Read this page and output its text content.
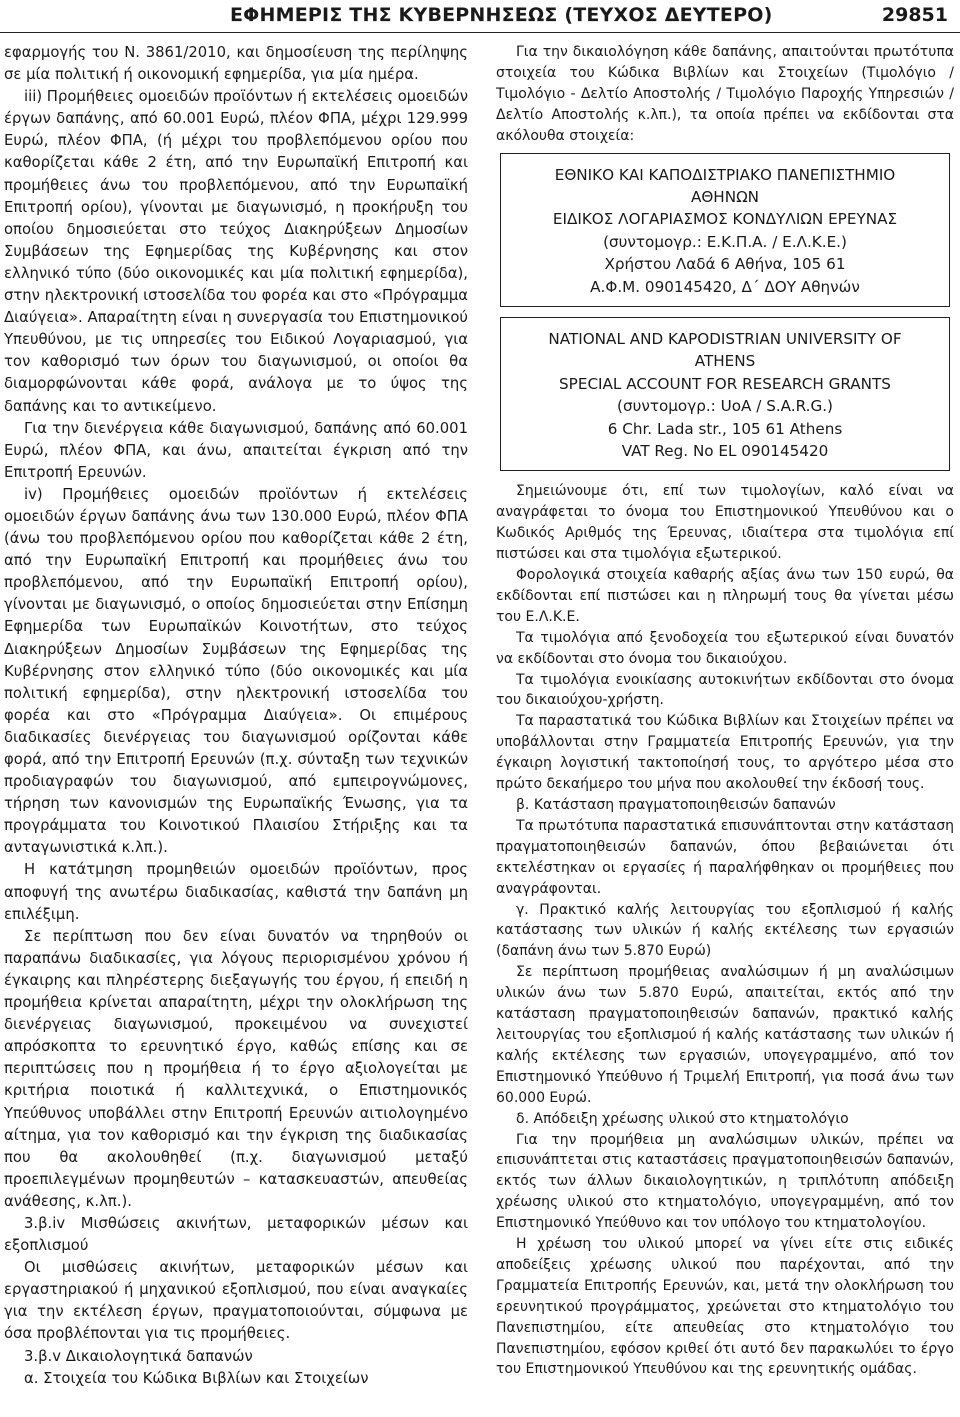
ΕΦΗΜΕΡΙΣ ΤΗΣ ΚΥΒΕΡΝΗΣΕΩΣ (ΤΕΥΧΟΣ ΔΕΥΤΕΡΟ)	29851

εφαρμογής του Ν. 3861/2010, και δημοσίευση της περίληψης σε μία πολιτική ή οικονομική εφημερίδα, για μία ημέρα.

iii) Προμήθειες ομοειδών προϊόντων ή εκτελέσεις ομοειδών έργων δαπάνης, από 60.001 Ευρώ, πλέον ΦΠΑ, μέχρι 129.999 Ευρώ, πλέον ΦΠΑ, (ή μέχρι του προβλεπόμενου ορίου που καθορίζεται κάθε 2 έτη, από την Ευρωπαϊκή Επιτροπή και προμήθειες άνω του προβλεπόμενου, από την Ευρωπαϊκή Επιτροπή ορίου), γίνονται με διαγωνισμό, η προκήρυξη του οποίου δημοσιεύεται στο τεύχος Διακηρύξεων Δημοσίων Συμβάσεων της Εφημερίδας της Κυβέρνησης και στον ελληνικό τύπο (δύο οικονομικές και μία πολιτική εφημερίδα), στην ηλεκτρονική ιστοσελίδα του φορέα και στο «Πρόγραμμα Διαύγεια». Απαραίτητη είναι η συνεργασία του Επιστημονικού Υπευθύνου, με τις υπηρεσίες του Ειδικού Λογαριασμού, για τον καθορισμό των όρων του διαγωνισμού, οι οποίοι θα διαμορφώνονται κάθε φορά, ανάλογα με το ύψος της δαπάνης και το αντικείμενο.

Για την διενέργεια κάθε διαγωνισμού, δαπάνης από 60.001 Ευρώ, πλέον ΦΠΑ, και άνω, απαιτείται έγκριση από την Επιτροπή Ερευνών.

iv) Προμήθειες ομοειδών προϊόντων ή εκτελέσεις ομοειδών έργων δαπάνης άνω των 130.000 Ευρώ, πλέον ΦΠΑ (άνω του προβλεπόμενου ορίου που καθορίζεται κάθε 2 έτη, από την Ευρωπαϊκή Επιτροπή και προμήθειες άνω του προβλεπόμενου, από την Ευρωπαϊκή Επιτροπή ορίου), γίνονται με διαγωνισμό, ο οποίος δημοσιεύεται στην Επίσημη Εφημερίδα των Ευρωπαϊκών Κοινοτήτων, στο τεύχος Διακηρύξεων Δημοσίων Συμβάσεων της Εφημερίδας της Κυβέρνησης στον ελληνικό τύπο (δύο οικονομικές και μία πολιτική εφημερίδα), στην ηλεκτρονική ιστοσελίδα του φορέα και στο «Πρόγραμμα Διαύγεια». Οι επιμέρους διαδικασίες διενέργειας του διαγωνισμού ορίζονται κάθε φορά, από την Επιτροπή Ερευνών (π.χ. σύνταξη των τεχνικών προδιαγραφών του διαγωνισμού, από εμπειρογνώμονες, τήρηση των κανονισμών της Ευρωπαϊκής Ένωσης, για τα προγράμματα του Κοινοτικού Πλαισίου Στήριξης και τα ανταγωνιστικά κ.λπ.).

Η κατάτμηση προμηθειών ομοειδών προϊόντων, προς αποφυγή της ανωτέρω διαδικασίας, καθιστά την δαπάνη μη επιλέξιμη.

Σε περίπτωση που δεν είναι δυνατόν να τηρηθούν οι παραπάνω διαδικασίες, για λόγους περιορισμένου χρόνου ή έγκαιρης και πληρέστερης διεξαγωγής του έργου, ή επειδή η προμήθεια κρίνεται απαραίτητη, μέχρι την ολοκλήρωση της διενέργειας διαγωνισμού, προκειμένου να συνεχιστεί απρόσκοπτα το ερευνητικό έργο, καθώς επίσης και σε περιπτώσεις που η προμήθεια ή το έργο αξιολογείται με κριτήρια ποιοτικά ή καλλιτεχνικά, ο Επιστημονικός Υπεύθυνος υποβάλλει στην Επιτροπή Ερευνών αιτιολογημένο αίτημα, για τον καθορισμό και την έγκριση της διαδικασίας που θα ακολουθηθεί (π.χ. διαγωνισμού μεταξύ προεπιλεγμένων προμηθευτών – κατασκευαστών, απευθείας ανάθεσης, κ.λπ.).

3.β.iv Μισθώσεις ακινήτων, μεταφορικών μέσων και εξοπλισμού

Οι μισθώσεις ακινήτων, μεταφορικών μέσων και εργαστηριακού ή μηχανικού εξοπλισμού, που είναι αναγκαίες για την εκτέλεση έργων, πραγματοποιούνται, σύμφωνα με όσα προβλέπονται για τις προμήθειες.

3.β.v Δικαιολογητικά δαπανών

α. Στοιχεία του Κώδικα Βιβλίων και Στοιχείων

Για την δικαιολόγηση κάθε δαπάνης, απαιτούνται πρωτότυπα στοιχεία του Κώδικα Βιβλίων και Στοιχείων (Τιμολόγιο / Τιμολόγιο - Δελτίο Αποστολής / Τιμολόγιο Παροχής Υπηρεσιών / Δελτίο Αποστολής κ.λπ.), τα οποία πρέπει να εκδίδονται στα ακόλουθα στοιχεία:

ΕΘΝΙΚΟ ΚΑΙ ΚΑΠΟΔΙΣΤΡΙΑΚΟ ΠΑΝΕΠΙΣΤΗΜΙΟ
ΑΘΗΝΩΝ
ΕΙΔΙΚΟΣ ΛΟΓΑΡΙΑΣΜΟΣ ΚΟΝΔΥΛΙΩΝ ΕΡΕΥΝΑΣ
(συντομογρ.: Ε.Κ.Π.Α. / Ε.Λ.Κ.Ε.)
Χρήστου Λαδά 6 Αθήνα, 105 61
Α.Φ.Μ. 090145420, Δ΄ ΔΟΥ Αθηνών
NATIONAL AND KAPODISTRIAN UNIVERSITY OF
ATHENS
SPECIAL ACCOUNT FOR RESEARCH GRANTS
(συντομογρ.: UoA / S.A.R.G.)
6 Chr. Lada str., 105 61 Athens
VAT Reg. No EL 090145420

Σημειώνουμε ότι, επί των τιμολογίων, καλό είναι να αναγράφεται το όνομα του Επιστημονικού Υπευθύνου και ο Κωδικός Αριθμός της Έρευνας, ιδιαίτερα στα τιμολόγια επί πιστώσει και στα τιμολόγια εξωτερικού.

Φορολογικά στοιχεία καθαρής αξίας άνω των 150 ευρώ, θα εκδίδονται επί πιστώσει και η πληρωμή τους θα γίνεται μέσω του Ε.Λ.Κ.Ε.

Τα τιμολόγια από ξενοδοχεία του εξωτερικού είναι δυνατόν να εκδίδονται στο όνομα του δικαιούχου.

Τα τιμολόγια ενοικίασης αυτοκινήτων εκδίδονται στο όνομα του δικαιούχου-χρήστη.

Τα παραστατικά του Κώδικα Βιβλίων και Στοιχείων πρέπει να υποβάλλονται στην Γραμματεία Επιτροπής Ερευνών, για την έγκαιρη λογιστική τακτοποίησή τους, το αργότερο μέσα στο πρώτο δεκαήμερο του μήνα που ακολουθεί την έκδοσή τους.

β. Κατάσταση πραγματοποιηθεισών δαπανών

Τα πρωτότυπα παραστατικά επισυνάπτονται στην κατάσταση πραγματοποιηθεισών δαπανών, όπου βεβαιώνεται ότι εκτελέστηκαν οι εργασίες ή παραλήφθηκαν οι προμήθειες που αναγράφονται.

γ. Πρακτικό καλής λειτουργίας του εξοπλισμού ή καλής κατάστασης των υλικών ή καλής εκτέλεσης των εργασιών (δαπάνη άνω των 5.870 Ευρώ)

Σε περίπτωση προμήθειας αναλώσιμων ή μη αναλώσιμων υλικών άνω των 5.870 Ευρώ, απαιτείται, εκτός από την κατάσταση πραγματοποιηθεισών δαπανών, πρακτικό καλής λειτουργίας του εξοπλισμού ή καλής κατάστασης των υλικών ή καλής εκτέλεσης των εργασιών, υπογεγραμμένο, από τον Επιστημονικό Υπεύθυνο ή Τριμελή Επιτροπή, για ποσά άνω των 60.000 Ευρώ.

δ. Απόδειξη χρέωσης υλικού στο κτηματολόγιο

Για την προμήθεια μη αναλώσιμων υλικών, πρέπει να επισυνάπτεται στις καταστάσεις πραγματοποιηθεισών δαπανών, εκτός των άλλων δικαιολογητικών, η τριπλότυπη απόδειξη χρέωσης υλικού στο κτηματολόγιο, υπογεγραμμένη, από τον Επιστημονικό Υπεύθυνο και τον υπόλογο του κτηματολογίου.

Η χρέωση του υλικού μπορεί να γίνει είτε στις ειδικές αποδείξεις χρέωσης υλικού που παρέχονται, από την Γραμματεία Επιτροπής Ερευνών, και, μετά την ολοκλήρωση του ερευνητικού προγράμματος, χρεώνεται στο κτηματολόγιο του Πανεπιστημίου, είτε απευθείας στο κτηματολόγιο του Πανεπιστημίου, εφόσον κριθεί ότι αυτό δεν παρακωλύει το έργο του Επιστημονικού Υπευθύνου και της ερευνητικής ομάδας.
